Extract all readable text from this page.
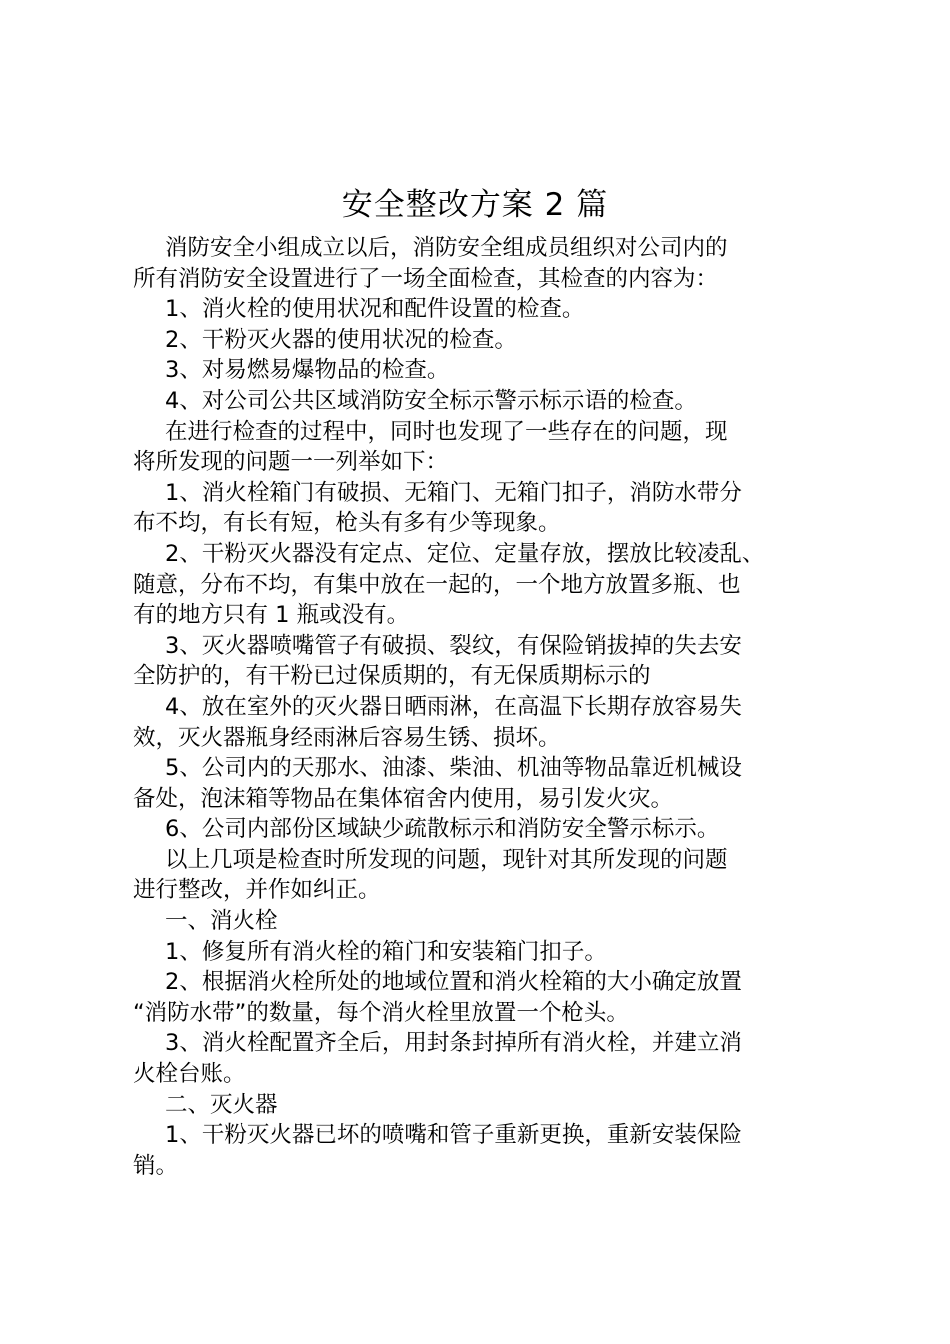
安全整改方案 2 篇

消防安全小组成立以后，消防安全组成员组织对公司内的
所有消防安全设置进行了一场全面检查，其检查的内容为：

1、消火栓的使用状况和配件设置的检查。

2、干粉灭火器的使用状况的检查。

3、对易燃易爆物品的检查。

4、对公司公共区域消防安全标示警示标示语的检查。

在进行检查的过程中，同时也发现了一些存在的问题，现
将所发现的问题一一列举如下：

1、消火栓箱门有破损、无箱门、无箱门扣子，消防水带分
布不均，有长有短，枪头有多有少等现象。

2、干粉灭火器没有定点、定位、定量存放，摆放比较凌乱、
随意，分布不均，有集中放在一起的，一个地方放置多瓶、也
有的地方只有 1 瓶或没有。

3、灭火器喷嘴管子有破损、裂纹，有保险销拔掉的失去安
全防护的，有干粉已过保质期的，有无保质期标示的

4、放在室外的灭火器日晒雨淋，在高温下长期存放容易失
效，灭火器瓶身经雨淋后容易生锈、损坏。

5、公司内的天那水、油漆、柴油、机油等物品靠近机械设
备处，泡沫箱等物品在集体宿舍内使用，易引发火灾。

6、公司内部份区域缺少疏散标示和消防安全警示标示。

以上几项是检查时所发现的问题，现针对其所发现的问题
进行整改，并作如纠正。

一、消火栓

1、修复所有消火栓的箱门和安装箱门扣子。

2、根据消火栓所处的地域位置和消火栓箱的大小确定放置
“消防水带”的数量，每个消火栓里放置一个枪头。

3、消火栓配置齐全后，用封条封掉所有消火栓，并建立消
火栓台账。

二、灭火器

1、干粉灭火器已坏的喷嘴和管子重新更换，重新安装保险
销。
